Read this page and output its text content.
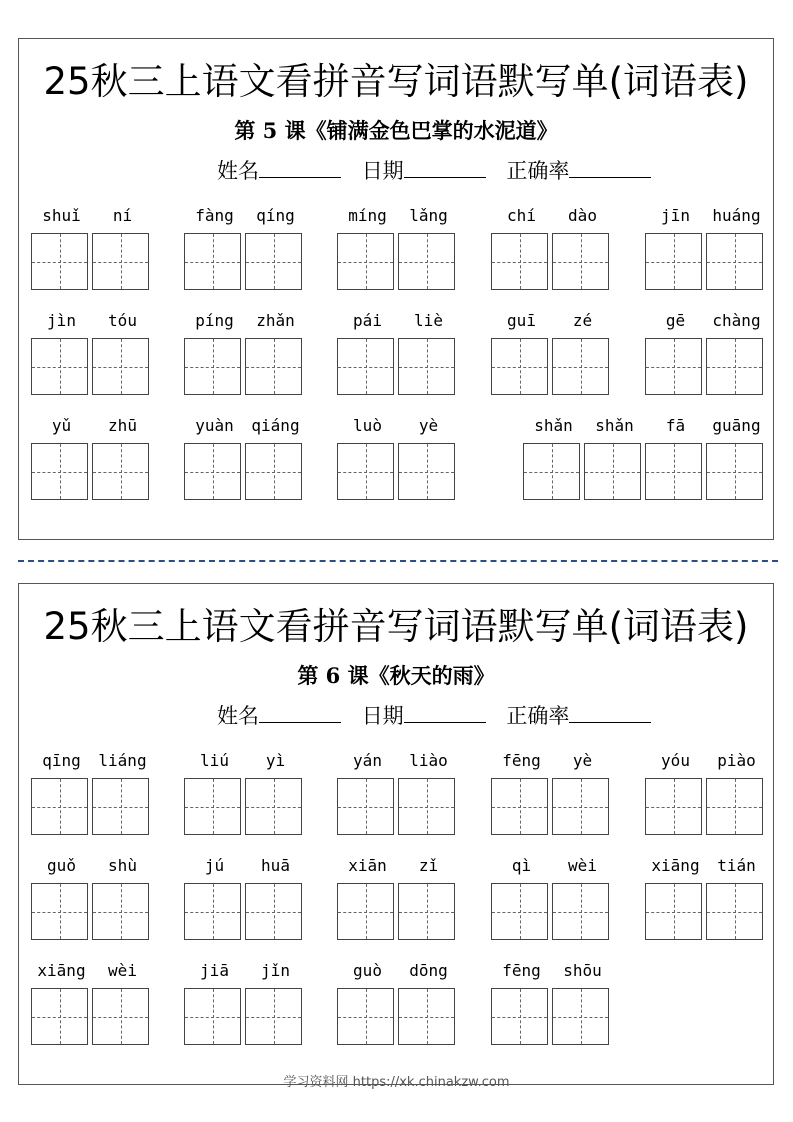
25秋三上语文看拼音写词语默写单(词语表)
第 5 课《铺满金色巴掌的水泥道》
姓名	日期	正确率
shuǐ	ní	fàng	qíng	míng	lǎng	chí	dào	jīn	huáng
jìn	tóu	píng	zhǎn	pái	liè	guī	zé	gē	chàng
yǔ	zhū	yuàn	qiáng	luò	yè	shǎn	shǎn	fā	guāng
25秋三上语文看拼音写词语默写单(词语表)
第 6 课《秋天的雨》
姓名	日期	正确率
qīng	liáng	liú	yì	yán	liào	fēng	yè	yóu	piào
guǒ	shù	jú	huā	xiān	zǐ	qì	wèi	xiāng	tián
xiāng	wèi	jiā	jǐn	guò	dōng	fēng	shōu
学习资料网 https://xk.chinakzw.com
